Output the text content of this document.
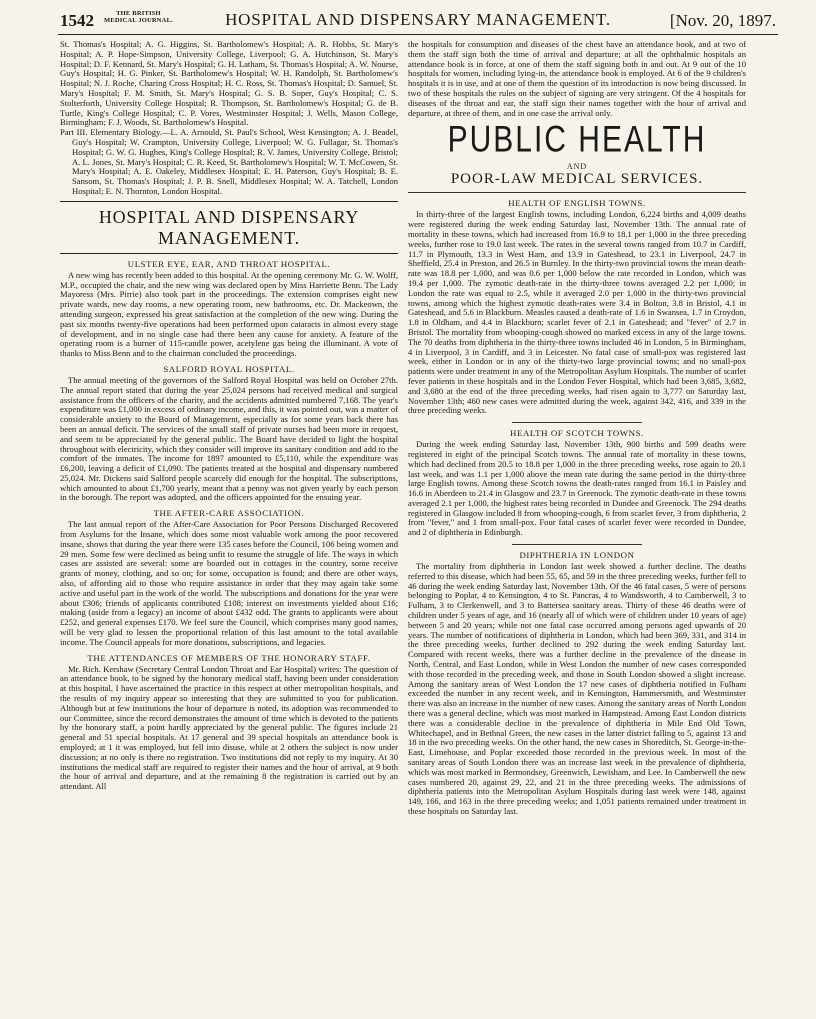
1542	THE BRITISH
MEDICAL JOURNAL.	HOSPITAL AND DISPENSARY MANAGEMENT.	[Nov. 20, 1897.

St. Thomas's Hospital; A. G. Higgins, St. Bartholomew's Hospital; A. R. Hobbs, St. Mary's Hospital; A. P. Hope-Simpson, University College, Liverpool; G. A. Hutchinson, St. Mary's Hospital; D. F. Kennard, St. Mary's Hospital; G. H. Latham, St. Thomas's Hospital; A. W. Nourse, Guy's Hospital; H. G. Pinker, St. Bartholomew's Hospital; W. H. Randolph, St. Bartholomew's Hospital; N. J. Roche, Charing Cross Hospital; H. C. Ross, St. Thomas's Hospital; D. Samuel, St. Mary's Hospital; F. M. Smith, St. Mary's Hospital; G. S. B. Soper, Guy's Hospital; C. S. Stolterforth, University College Hospital; R. Thompson, St. Bartholomew's Hospital; G. de B. Turtle, King's College Hospital; C. P. Vores, Westminster Hospital; J. Wells, Mason College, Birmingham; F. J. Woods, St. Bartholomew's Hospital.

Part III. Elementary Biology.—L. A. Arnould, St. Paul's School, West Kensington; A. J. Beadel, Guy's Hospital; W. Crampton, University College, Liverpool; W. G. Fullagar, St. Thomas's Hospital; G. W. G. Hughes, King's College Hospital; R. V. James, University College, Bristol; A. L. Jones, St. Mary's Hospital; C. R. Keed, St. Bartholomew's Hospital; W. T. McCowen, St. Mary's Hospital; A. E. Oakeley, Middlesex Hospital; E. H. Paterson, Guy's Hospital; B. E. Sansom, St. Thomas's Hospital; J. P. B. Snell, Middlesex Hospital; W. A. Tatchell, London Hospital; E. N. Thornton, London Hospital.

HOSPITAL AND DISPENSARY MANAGEMENT.
ULSTER EYE, EAR, AND THROAT HOSPITAL.

A new wing has recently been added to this hospital. At the opening ceremony Mr. G. W. Wolff, M.P., occupied the chair, and the new wing was declared open by Miss Harriette Benn. The Lady Mayoress (Mrs. Pirrie) also took part in the proceedings. The extension comprises eight new private wards, new day rooms, a new operating room, new bathrooms, etc. Dr. Mackeown, the attending surgeon, expressed his great satisfaction at the completion of the new wing. During the past six months twenty-five operations had been performed upon cataracts in almost every stage of development, and in no single case had there been any cause for anxiety. A feature of the operating room is a burner of 115-candle power, acetylene gas being the illuminant. A vote of thanks to Miss Benn and to the chairman concluded the proceedings.

SALFORD ROYAL HOSPITAL.

The annual meeting of the governors of the Salford Royal Hospital was held on October 27th. The annual report stated that during the year 25,024 persons had received medical and surgical assistance from the officers of the charity, and the accidents admitted numbered 7,168. The year's expenditure was £1,000 in excess of ordinary income, and this, it was pointed out, was a matter of considerable anxiety to the Board of Management, especially as for some years back there has been an annual deficit. The services of the small staff of private nurses had been more in request, and seem to be appreciated by the general public. The Board have decided to light the hospital throughout with electricity, which they consider will improve its sanitary condition and add to the comfort of the inmates. The income for 1897 amounted to £5,110, while the expenditure was £6,200, leaving a deficit of £1,090. The patients treated at the hospital and dispensary numbered 25,024. Mr. Dickens said Salford people scarcely did enough for the hospital. The subscriptions, which amounted to about £1,700 yearly, meant that a penny was not given yearly by each person in the borough. The report was adopted, and the officers appointed for the ensuing year.

THE AFTER-CARE ASSOCIATION.

The last annual report of the After-Care Association for Poor Persons Discharged Recovered from Asylums for the Insane, which does some most valuable work among the poor recovered insane, shows that during the year there were 135 cases before the Council, 106 being women and 29 men. Some few were declined as being unfit to resume the struggle of life. The ways in which cases are assisted are several: some are boarded out in cottages in the country, some receive grants of money, clothing, and so on; for some, occupation is found; and there are other ways, also, of affording aid to those who require assistance in order that they may again take some active and useful part in the work of the world. The subscriptions and donations for the year were about £306; friends of applicants contributed £108; interest on investments yielded about £16; making (aside from a legacy) an income of about £432 odd. The grants to applicants were about £252, and general expenses £170. We feel sure the Council, which comprises many good names, will be very glad to lessen the proportional relation of this last amount to the total available income. The Council appeals for more donations, subscriptions, and legacies.

THE ATTENDANCES OF MEMBERS OF THE HONORARY STAFF.

Mr. Rich. Kershaw (Secretary Central London Throat and Ear Hospital) writes: The question of an attendance book, to be signed by the honorary medical staff, having been under consideration at this hospital, I have ascertained the practice in this respect at other metropolitan hospitals, and the results of my inquiry appear so interesting that they are submitted to you for publication. Although but at few institutions the hour of departure is noted, its adoption was recommended to our Committee, since the record demonstrates the amount of time which is devoted to the patients by the honorary staff, a point hardly appreciated by the general public. The figures include 21 general and 51 special hospitals. At 17 general and 39 special hospitals an attendance book is employed; at 1 it was employed, but fell into disuse, while at 2 others the subject is now under discussion; at no only is there no registration. Two institutions did not reply to my inquiry. At 30 institutions the medical staff are required to register their names and the hour of arrival, at 9 both the hour of arrival and departure, and at the remaining 8 the registration is carried out by an attendant. All

the hospitals for consumption and diseases of the chest have an attendance book, and at two of them the staff sign both the time of arrival and departure; at all the ophthalmic hospitals an attendance book is in force, at one of them the staff signing both in and out. At 9 out of the 10 hospitals for women, including lying-in, the attendance book is employed. At 6 of the 9 children's hospitals it is in use, and at one of them the question of its introduction is now being discussed. In two of these hospitals the rules on the subject of signing are very stringent. Of the 4 hospitals for diseases of the throat and ear, the staff sign their names together with the hour of arrival and departure, at three of them, and in one case the arrival only.

PUBLIC HEALTH
AND
POOR-LAW MEDICAL SERVICES.
HEALTH OF ENGLISH TOWNS.

In thirty-three of the largest English towns, including London, 6,224 births and 4,009 deaths were registered during the week ending Saturday last, November 13th. The annual rate of mortality in these towns, which had increased from 16.9 to 18.1 per 1,000 in the three preceding weeks, further rose to 19.0 last week. The rates in the several towns ranged from 10.7 in Cardiff, 11.7 in Plymouth, 13.3 in West Ham, and 13.9 in Gateshead, to 23.1 in Liverpool, 24.7 in Sheffield, 25.4 in Preston, and 26.5 in Burnley. In the thirty-two provincial towns the mean death-rate was 18.8 per 1,000, and was 0.6 per 1,000 below the rate recorded in London, which was 19.4 per 1,000. The zymotic death-rate in the thirty-three towns averaged 2.2 per 1,000; in London the rate was equal to 2.5, while it averaged 2.0 per 1,000 in the thirty-two provincial towns, among which the highest zymotic death-rates were 3.4 in Bolton, 3.8 in Bristol, 4.1 in Gateshead, and 5.6 in Blackburn. Measles caused a death-rate of 1.6 in Swansea, 1.7 in Croydon, 1.8 in Oldham, and 4.4 in Blackburn; scarlet fever of 2.1 in Gateshead; and "fever" of 2.7 in Bristol. The mortality from whooping-cough showed no marked excess in any of the large towns. The 70 deaths from diphtheria in the thirty-three towns included 46 in London, 5 in Birmingham, 4 in Liverpool, 3 in Cardiff, and 3 in Leicester. No fatal case of small-pox was registered last week, either in London or in any of the thirty-two large provincial towns; and no small-pox patients were under treatment in any of the Metropolitan Asylum Hospitals. The number of scarlet fever patients in these hospitals and in the London Fever Hospital, which had been 3,685, 3,682, and 3,680 at the end of the three preceding weeks, had risen again to 3,777 on Saturday last, November 13th; 460 new cases were admitted during the week, against 342, 416, and 339 in the three preceding weeks.

HEALTH OF SCOTCH TOWNS.

During the week ending Saturday last, November 13th, 900 births and 599 deaths were registered in eight of the principal Scotch towns. The annual rate of mortality in these towns, which had declined from 20.5 to 18.8 per 1,000 in the three preceding weeks, rose again to 20.1 last week, and was 1.1 per 1,000 above the mean rate during the same period in the thirty-three large English towns. Among these Scotch towns the death-rates ranged from 16.1 in Paisley and 16.6 in Aberdeen to 21.4 in Glasgow and 23.7 in Greenock. The zymotic death-rate in these towns averaged 2.1 per 1,000, the highest rates being recorded in Dundee and Greenock. The 294 deaths registered in Glasgow included 8 from whooping-cough, 6 from scarlet fever, 3 from diphtheria, 2 from "fever," and 1 from small-pox. Four fatal cases of scarlet fever were recorded in Dundee, and 2 of diphtheria in Edinburgh.

DIPHTHERIA IN LONDON

The mortality from diphtheria in London last week showed a further decline. The deaths referred to this disease, which had been 55, 65, and 59 in the three preceding weeks, further fell to 46 during the week ending Saturday last, November 13th. Of the 46 fatal cases, 5 were of persons belonging to Poplar, 4 to Kensington, 4 to St. Pancras, 4 to Wandsworth, 4 to Camberwell, 3 to Fulham, 3 to Clerkenwell, and 3 to Battersea sanitary areas. Thirty of these 46 deaths were of children under 5 years of age, and 16 (nearly all of which were of children under 10 years of age) between 5 and 20 years; while not one fatal case occurred among persons aged upwards of 20 years. The number of notifications of diphtheria in London, which had been 369, 331, and 314 in the three preceding weeks, further declined to 292 during the week ending Saturday last. Compared with recent weeks, there was a further decline in the prevalence of the disease in North, Central, and East London, while in West London the number of new cases corresponded with those recorded in the preceding week, and those in South London showed a slight increase. Among the sanitary areas of West London the 17 new cases of diphtheria notified in Fulham exceeded the number in any recent week, and in Kensington, Hammersmith, and Westminster there was also an increase in the number of new cases. Among the sanitary areas of North London there was a general decline, which was most marked in Hampstead. Among East London districts there was a considerable decline in the prevalence of diphtheria in Mile End Old Town, Whitechapel, and in Bethnal Green, the new cases in the latter district falling to 5, against 13 and 18 in the two preceding weeks. On the other hand, the new cases in Shoreditch, St. George-in-the-East, Limehouse, and Poplar exceeded those recorded in the previous week. In most of the sanitary areas of South London there was an increase last week in the prevalence of diphtheria, which was most marked in Bermondsey, Greenwich, Lewisham, and Lee. In Camberwell the new cases numbered 20, against 29, 22, and 21 in the three preceding weeks. The admissions of diphtheria patients into the Metropolitan Asylum Hospitals during last week were 148, against 149, 166, and 163 in the three preceding weeks; and 1,051 patients remained under treatment in these hospitals on Saturday last.
